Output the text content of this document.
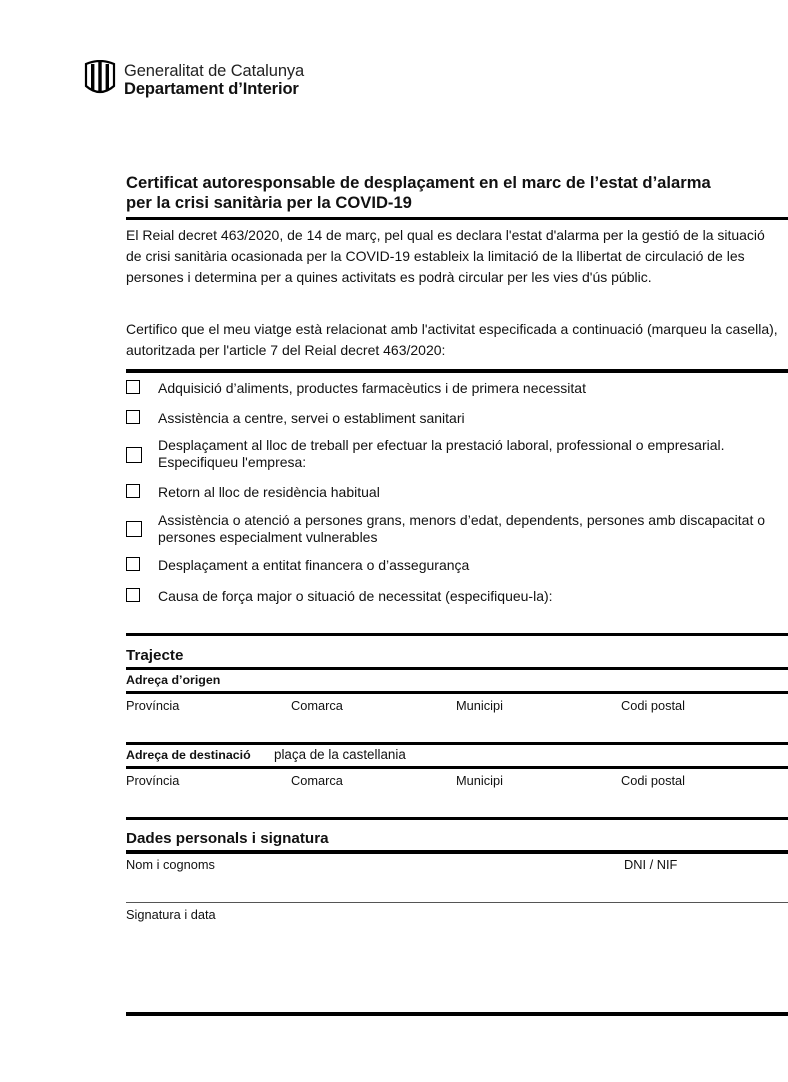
Generalitat de Catalunya
Departament d’Interior
Certificat autoresponsable de desplaçament en el marc de l’estat d’alarma
per la crisi sanitària per la COVID-19
El Reial decret 463/2020, de 14 de març, pel qual es declara l'estat d'alarma per la gestió de la situació de crisi sanitària ocasionada per la COVID-19 estableix la limitació de la llibertat de circulació de les persones i determina per a quines activitats es podrà circular per les vies d'ús públic.
Certifico que el meu viatge està relacionat amb l'activitat especificada a continuació (marqueu la casella), autoritzada per l'article 7 del Reial decret 463/2020:
Adquisició d’aliments, productes farmacèutics i de primera necessitat
Assistència a centre, servei o establiment sanitari
Desplaçament al lloc de treball per efectuar la prestació laboral, professional o empresarial. Especifiqueu l'empresa:
Retorn al lloc de residència habitual
Assistència o atenció a persones grans, menors d’edat, dependents, persones amb discapacitat o persones especialment vulnerables
Desplaçament a entitat financera o d’assegurança
Causa de força major o situació de necessitat (especifiqueu-la):
Trajecte
Adreça d’origen
Província	Comarca	Municipi	Codi postal
Adreça de destinació plaça de la castellania
Província	Comarca	Municipi	Codi postal
Dades personals i signatura
Nom i cognoms	DNI / NIF
Signatura i data
